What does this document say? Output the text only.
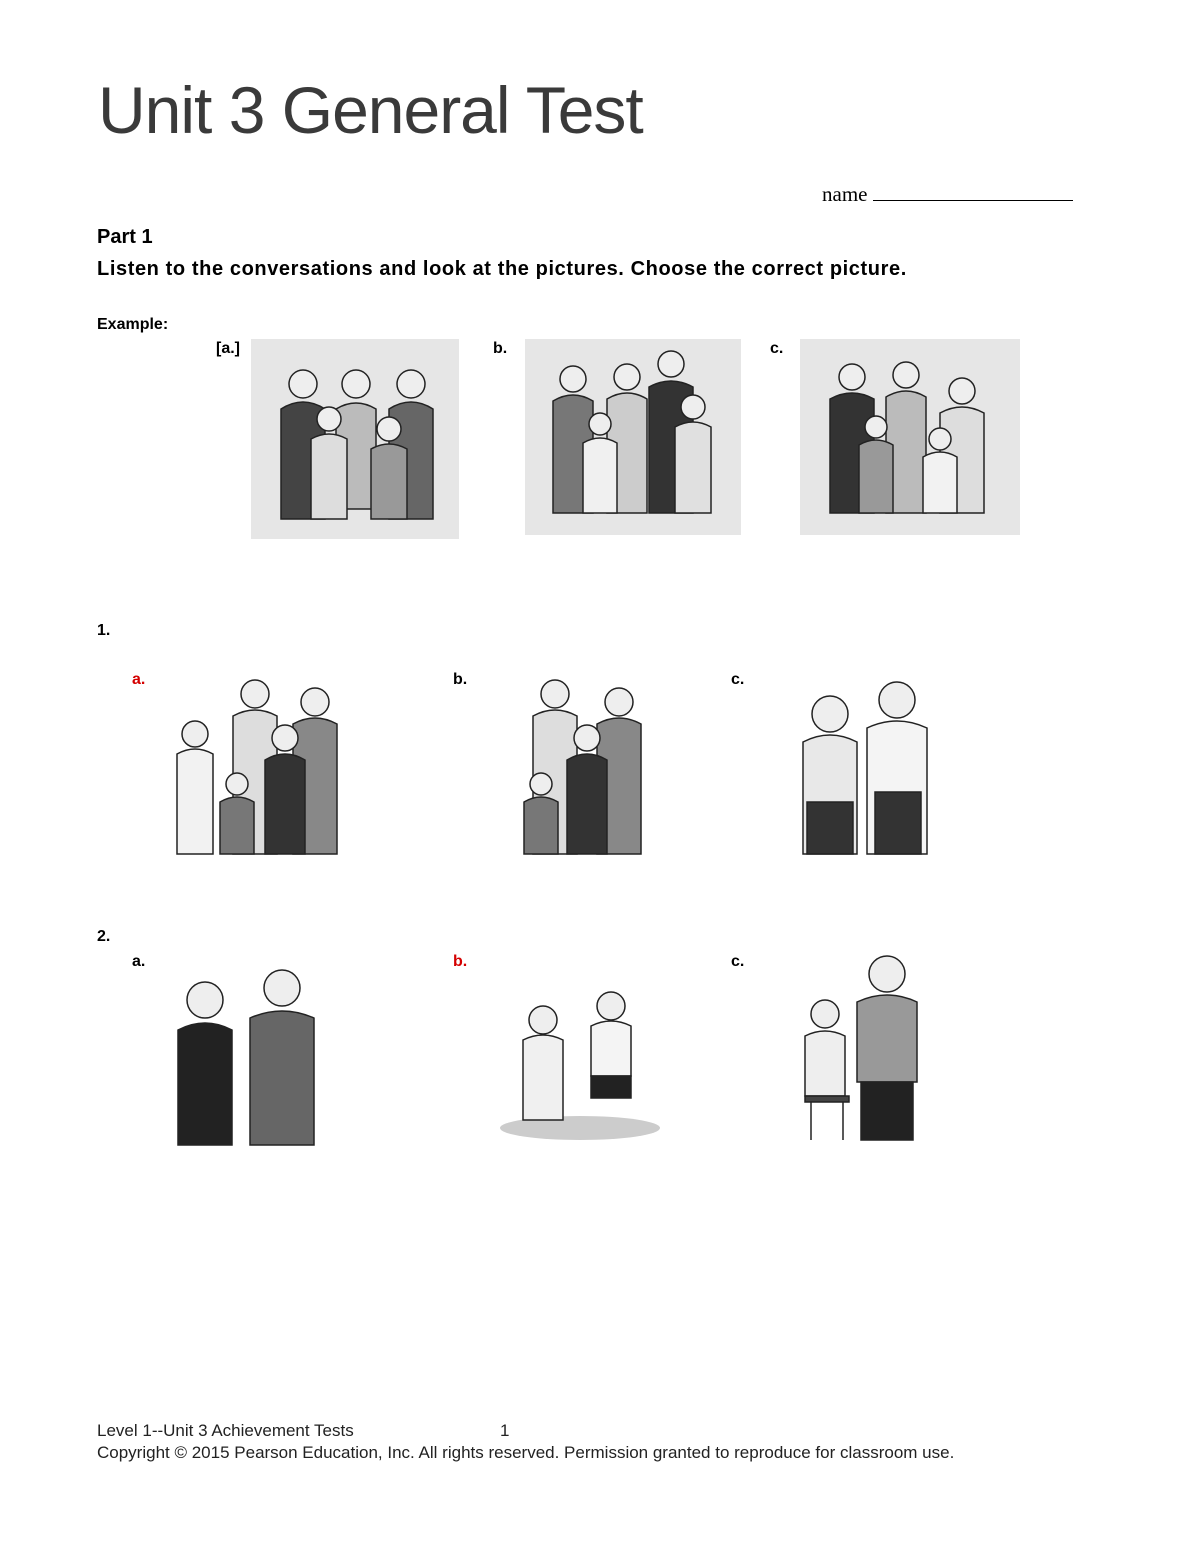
Unit 3 General Test
name
Part 1
Listen to the conversations and look at the pictures. Choose the correct picture.
Example:
[a.]	b.	c.
1.
a.	b.	c.
2.
a.	b.	c.
Level 1--Unit 3 Achievement Tests	1
Copyright © 2015 Pearson Education, Inc. All rights reserved. Permission granted to reproduce for classroom use.
